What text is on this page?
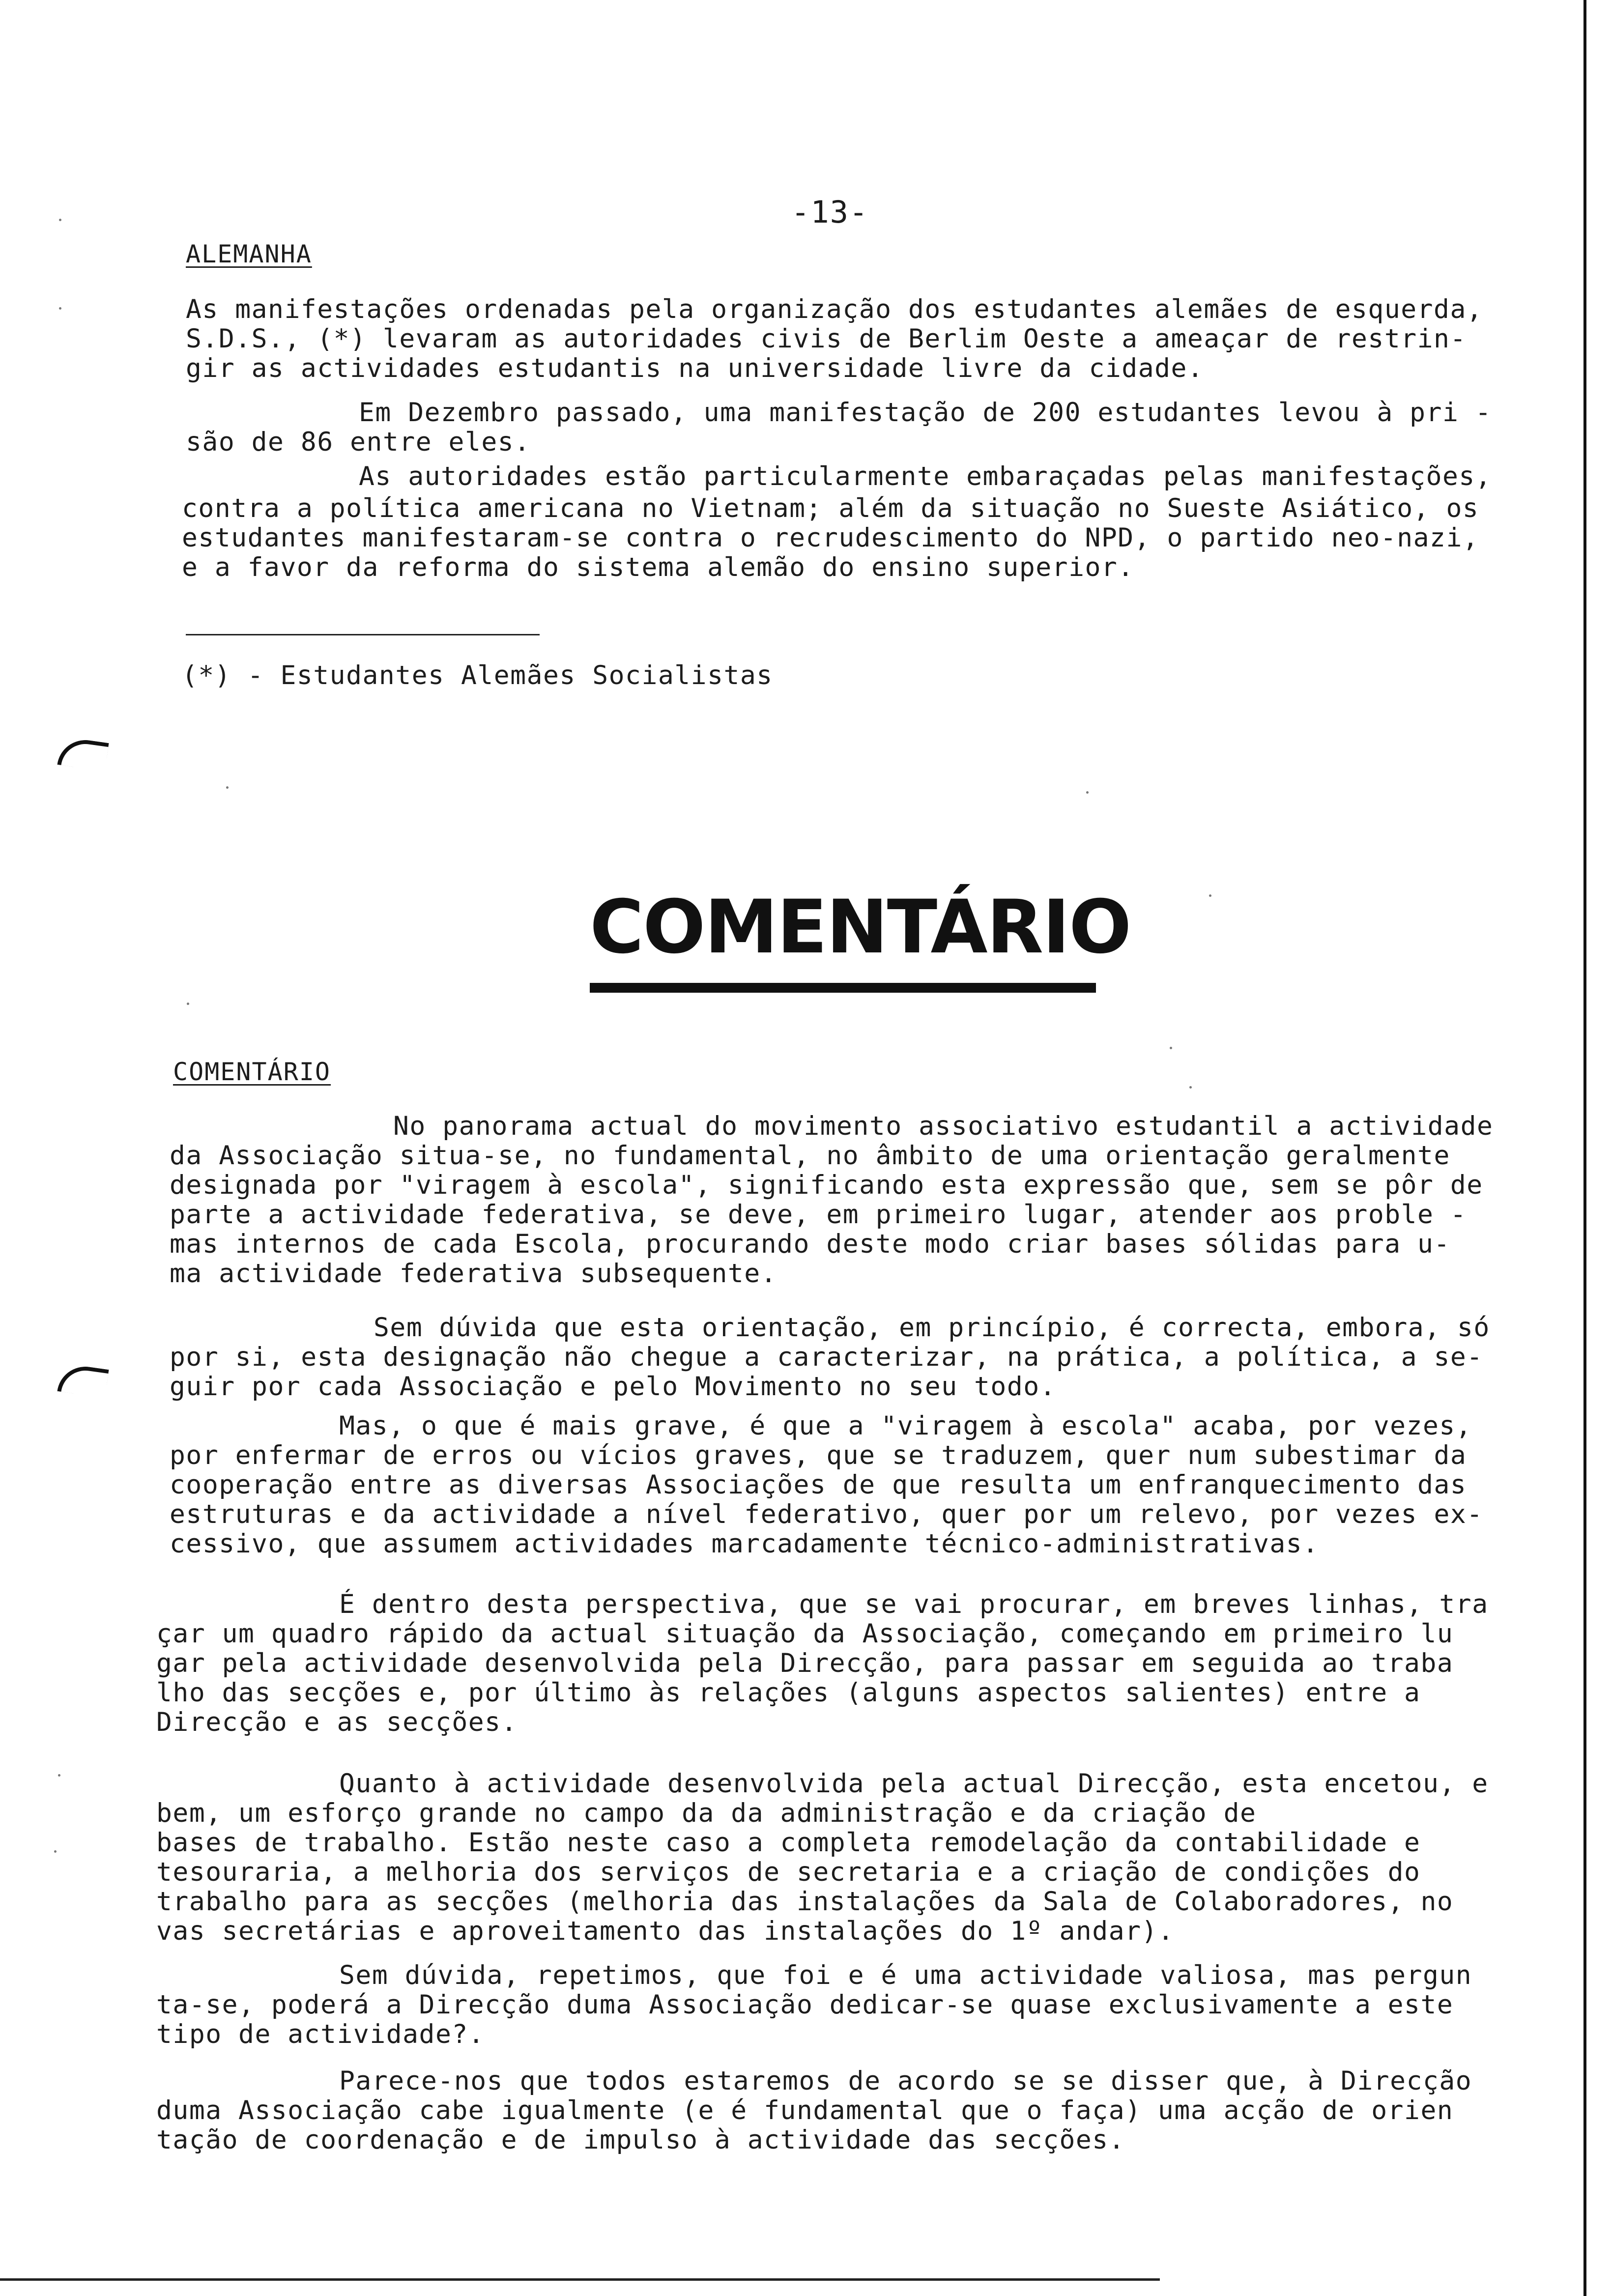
-13-
ALEMANHA
As manifestações ordenadas pela organização dos estudantes alemães de esquerda,
S.D.S., (*) levaram as autoridades civis de Berlim Oeste a ameaçar de restrin-
gir as actividades estudantis na universidade livre da cidade.
Em Dezembro passado, uma manifestação de 200 estudantes levou à pri -
são de 86 entre eles.
As autoridades estão particularmente embaraçadas pelas manifestações,
contra a política americana no Vietnam; além da situação no Sueste Asiático, os
estudantes manifestaram-se contra o recrudescimento do NPD, o partido neo-nazi,
e a favor da reforma do sistema alemão do ensino superior.
(*) - Estudantes Alemães Socialistas
COMENTÁRIO
COMENTÁRIO
No panorama actual do movimento associativo estudantil a actividade
da Associação situa-se, no fundamental, no âmbito de uma orientação geralmente
designada por "viragem à escola", significando esta expressão que, sem se pôr de
parte a actividade federativa, se deve, em primeiro lugar, atender aos proble -
mas internos de cada Escola, procurando deste modo criar bases sólidas para u-
ma actividade federativa subsequente.
Sem dúvida que esta orientação, em princípio, é correcta, embora, só
por si, esta designação não chegue a caracterizar, na prática, a política, a se-
guir por cada Associação e pelo Movimento no seu todo.
Mas, o que é mais grave, é que a "viragem à escola" acaba, por vezes,
por enfermar de erros ou vícios graves, que se traduzem, quer num subestimar da
cooperação entre as diversas Associações de que resulta um enfranquecimento das
estruturas e da actividade a nível federativo, quer por um relevo, por vezes ex-
cessivo, que assumem actividades marcadamente técnico-administrativas.
É dentro desta perspectiva, que se vai procurar, em breves linhas, tra
çar um quadro rápido da actual situação da Associação, começando em primeiro lu
gar pela actividade desenvolvida pela Direcção, para passar em seguida ao traba
lho das secções e, por último às relações (alguns aspectos salientes) entre a
Direcção e as secções.
Quanto à actividade desenvolvida pela actual Direcção, esta encetou, e
bem, um esforço grande no campo da da administração e da criação de
bases de trabalho. Estão neste caso a completa remodelação da contabilidade e
tesouraria, a melhoria dos serviços de secretaria e a criação de condições do
trabalho para as secções (melhoria das instalações da Sala de Colaboradores, no
vas secretárias e aproveitamento das instalações do 1º andar).
Sem dúvida, repetimos, que foi e é uma actividade valiosa, mas pergun
ta-se, poderá a Direcção duma Associação dedicar-se quase exclusivamente a este
tipo de actividade?.
Parece-nos que todos estaremos de acordo se se disser que, à Direcção
duma Associação cabe igualmente (e é fundamental que o faça) uma acção de orien
tação de coordenação e de impulso à actividade das secções.
